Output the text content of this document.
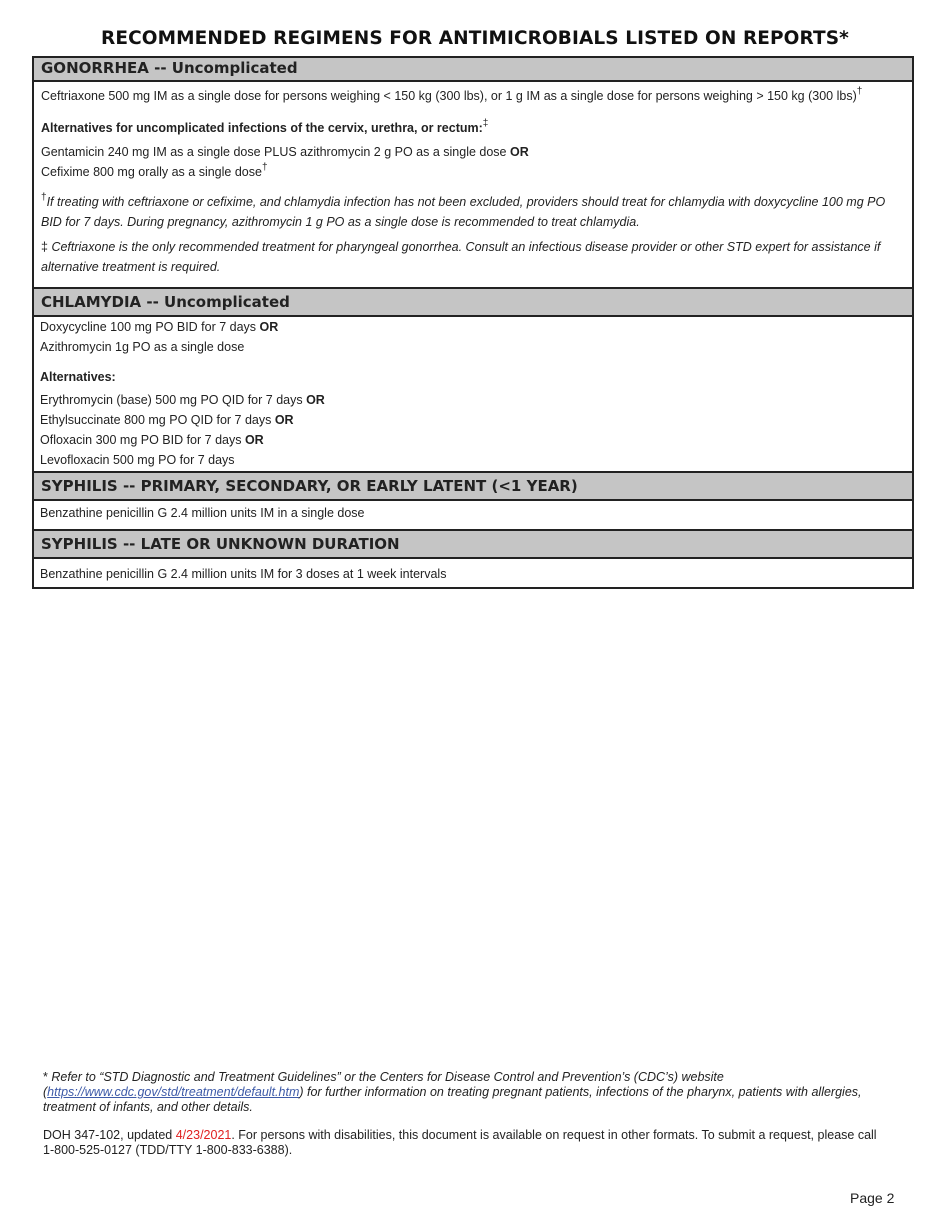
RECOMMENDED REGIMENS FOR ANTIMICROBIALS LISTED ON REPORTS*
GONORRHEA -- Uncomplicated
Ceftriaxone 500 mg IM as a single dose for persons weighing < 150 kg (300 lbs), or 1 g IM as a single dose for persons weighing > 150 kg (300 lbs)†
Alternatives for uncomplicated infections of the cervix, urethra, or rectum:‡
Gentamicin 240 mg IM as a single dose PLUS azithromycin 2 g PO as a single dose OR
Cefixime 800 mg orally as a single dose†
†If treating with ceftriaxone or cefixime, and chlamydia infection has not been excluded, providers should treat for chlamydia with doxycycline 100 mg PO
BID for 7 days. During pregnancy, azithromycin 1 g PO as a single dose is recommended to treat chlamydia.
‡ Ceftriaxone is the only recommended treatment for pharyngeal gonorrhea. Consult an infectious disease provider or other STD expert for assistance if
alternative treatment is required.
CHLAMYDIA -- Uncomplicated
Doxycycline 100 mg PO BID for 7 days OR
Azithromycin 1g PO as a single dose
Alternatives:
Erythromycin (base) 500 mg PO QID for 7 days OR
Ethylsuccinate 800 mg PO QID for 7 days OR
Ofloxacin 300 mg PO BID for 7 days OR
Levofloxacin 500 mg PO for 7 days
SYPHILIS -- PRIMARY, SECONDARY, OR EARLY LATENT (<1 YEAR)
Benzathine penicillin G 2.4 million units IM in a single dose
SYPHILIS -- LATE OR UNKNOWN DURATION
Benzathine penicillin G 2.4 million units IM for 3 doses at 1 week intervals
* Refer to “STD Diagnostic and Treatment Guidelines” or the Centers for Disease Control and Prevention’s (CDC’s) website
(https://www.cdc.gov/std/treatment/default.htm) for further information on treating pregnant patients, infections of the pharynx, patients with allergies,
treatment of infants, and other details.
DOH 347-102, updated 4/23/2021. For persons with disabilities, this document is available on request in other formats. To submit a request, please call
1-800-525-0127 (TDD/TTY 1-800-833-6388).
Page 2
